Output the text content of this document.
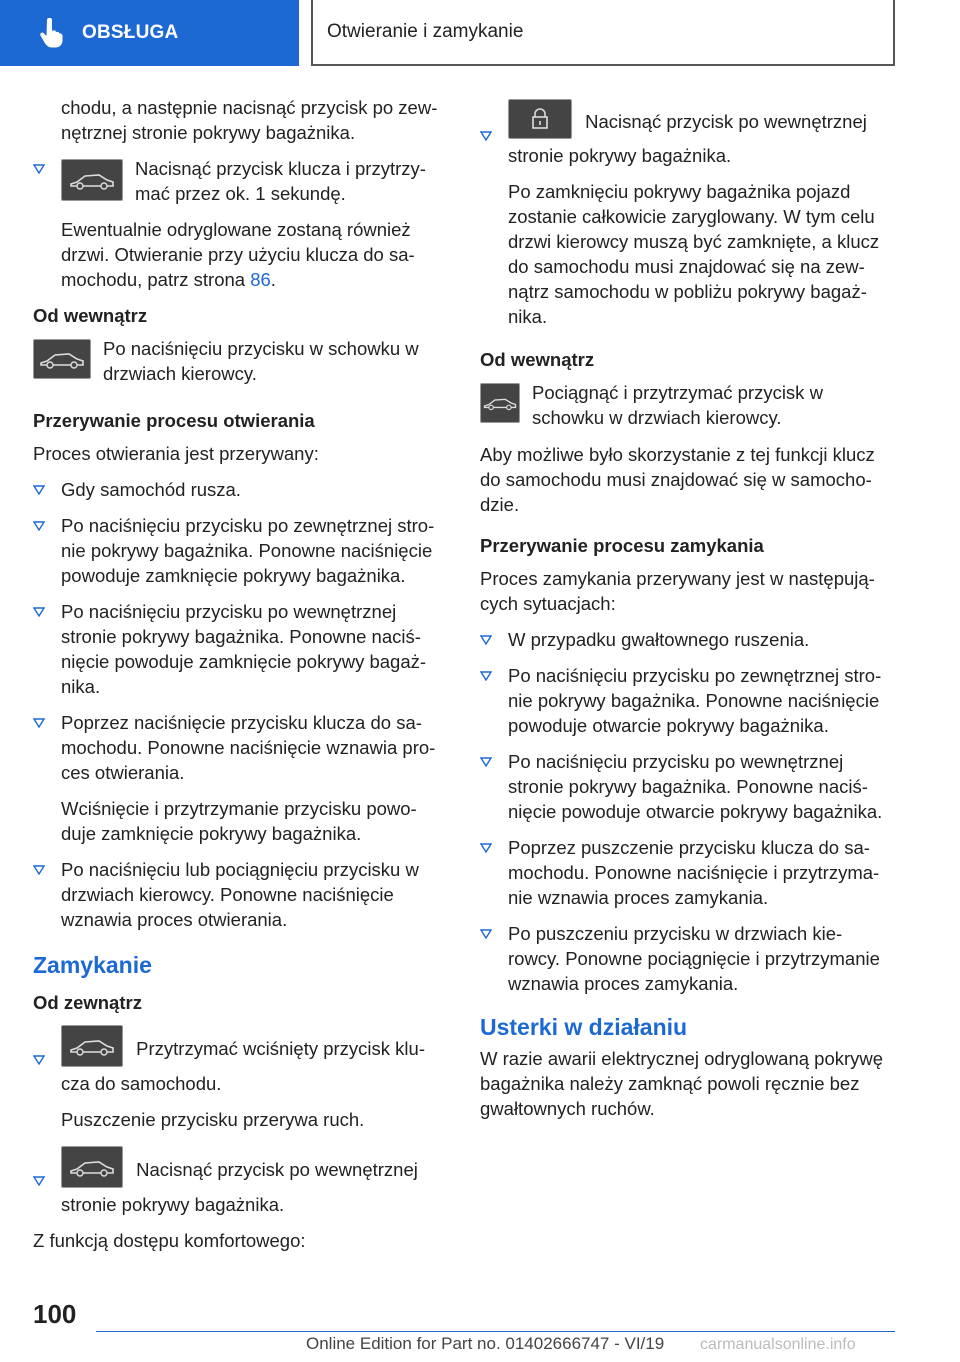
OBSŁUGA	Otwieranie i zamykanie

chodu, a następnie nacisnąć przycisk po zew- nętrznej stronie pokrywy bagażnika.

Nacisnąć przycisk klucza i przytrzy- mać przez ok. 1 sekundę.
Ewentualnie odryglowane zostaną również drzwi. Otwieranie przy użyciu klucza do sa- mochodu, patrz strona 86.
Od wewnątrz
Po naciśnięciu przycisku w schowku w drzwiach kierowcy.
Przerywanie procesu otwierania

Proces otwierania jest przerywany:

Gdy samochód rusza.
Po naciśnięciu przycisku po zewnętrznej stro- nie pokrywy bagażnika. Ponowne naciśnięcie powoduje zamknięcie pokrywy bagażnika.
Po naciśnięciu przycisku po wewnętrznej stronie pokrywy bagażnika. Ponowne naciś- nięcie powoduje zamknięcie pokrywy bagaż- nika.
Poprzez naciśnięcie przycisku klucza do sa- mochodu. Ponowne naciśnięcie wznawia pro- ces otwierania.
Wciśnięcie i przytrzymanie przycisku powo- duje zamknięcie pokrywy bagażnika.
Po naciśnięciu lub pociągnięciu przycisku w drzwiach kierowcy. Ponowne naciśnięcie wznawia proces otwierania.
Zamykanie
Od zewnątrz
Przytrzymać wciśnięty przycisk klu- cza do samochodu.
Puszczenie przycisku przerywa ruch.
Nacisnąć przycisk po wewnętrznej stronie pokrywy bagażnika.

Z funkcją dostępu komfortowego:

Nacisnąć przycisk po wewnętrznej stronie pokrywy bagażnika.
Po zamknięciu pokrywy bagażnika pojazd zostanie całkowicie zaryglowany. W tym celu drzwi kierowcy muszą być zamknięte, a klucz do samochodu musi znajdować się na zew- nątrz samochodu w pobliżu pokrywy bagaż- nika.
Od wewnątrz
Pociągnąć i przytrzymać przycisk w schowku w drzwiach kierowcy.

Aby możliwe było skorzystanie z tej funkcji klucz do samochodu musi znajdować się w samocho- dzie.

Przerywanie procesu zamykania

Proces zamykania przerywany jest w następują- cych sytuacjach:

W przypadku gwałtownego ruszenia.
Po naciśnięciu przycisku po zewnętrznej stro- nie pokrywy bagażnika. Ponowne naciśnięcie powoduje otwarcie pokrywy bagażnika.
Po naciśnięciu przycisku po wewnętrznej stronie pokrywy bagażnika. Ponowne naciś- nięcie powoduje otwarcie pokrywy bagażnika.
Poprzez puszczenie przycisku klucza do sa- mochodu. Ponowne naciśnięcie i przytrzyma- nie wznawia proces zamykania.
Po puszczeniu przycisku w drzwiach kie- rowcy. Ponowne pociągnięcie i przytrzymanie wznawia proces zamykania.
Usterki w działaniu

W razie awarii elektrycznej odryglowaną pokrywę bagażnika należy zamknąć powoli ręcznie bez gwałtownych ruchów.

100
Online Edition for Part no. 01402666747 - VI/19 carmanualsonline.info
